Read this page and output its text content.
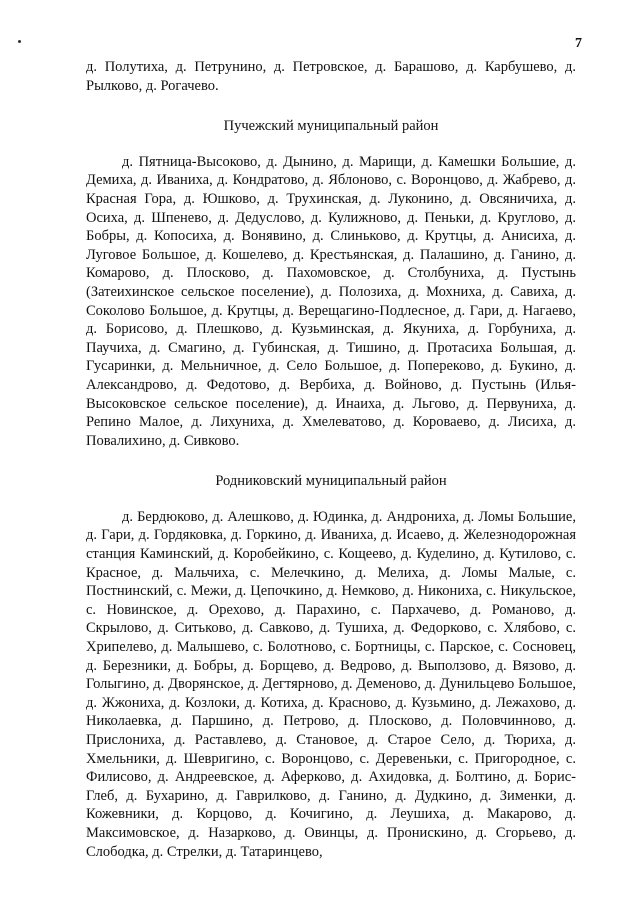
7

д. Полутиха, д. Петрунино, д. Петровское, д. Барашово, д. Карбушево, д. Рылково, д. Рогачево.

Пучежский муниципальный район

д. Пятница-Высоково, д. Дынино, д. Марищи, д. Камешки Большие, д. Демиха, д. Иваниха, д. Кондратово, д. Яблоново, с. Воронцово, д. Жабрево, д. Красная Гора, д. Юшково, д. Трухинская, д. Луконино, д. Овсяничиха, д. Осиха, д. Шпенево, д. Дедуслово, д. Кулижново, д. Пеньки, д. Круглово, д. Бобры, д. Копосиха, д. Вонявино, д. Слиньково, д. Крутцы, д. Анисиха, д. Луговое Большое, д. Кошелево, д. Крестьянская, д. Палашино, д. Ганино, д. Комарово, д. Плосково, д. Пахомовское, д. Столбуниха, д. Пустынь (Затеихинское сельское поселение), д. Полозиха, д. Мохниха, д. Савиха, д. Соколово Большое, д. Крутцы, д. Верещагино-Подлесное, д. Гари, д. Нагаево, д. Борисово, д. Плешково, д. Кузьминская, д. Якуниха, д. Горбуниха, д. Паучиха, д. Смагино, д. Губинская, д. Тишино, д. Протасиха Большая, д. Гусаринки, д. Мельничное, д. Село Большое, д. Поперековo, д. Букино, д. Александрово, д. Федотово, д. Вербиха, д. Войново, д. Пустынь (Илья-Высоковское сельское поселение), д. Инаиха, д. Льгово, д. Первуниха, д. Репино Малое, д. Лихуниха, д. Хмелеватово, д. Короваево, д. Лисиха, д. Повалихино, д. Сивково.

Родниковский муниципальный район

д. Бердюково, д. Алешково, д. Юдинка, д. Андрониха, д. Ломы Большие, д. Гари, д. Гордяковка, д. Горкино, д. Иваниха, д. Исаево, д. Железнодорожная станция Каминский, д. Коробейкино, с. Кощеево, д. Куделино, д. Кутилово, с. Красное, д. Мальчиха, с. Мелечкино, д. Мелиха, д. Ломы Малые, с. Постнинский, с. Межи, д. Цепочкино, д. Немково, д. Никониха, с. Никульское, с. Новинское, д. Орехово, д. Парахино, с. Пархачево, д. Романово, д. Скрылово, д. Ситьково, д. Савково, д. Тушиха, д. Федорково, с. Хлябово, с. Хрипелево, д. Малышево, с. Болотново, с. Бортницы, с. Парское, с. Сосновец, д. Березники, д. Бобры, д. Борщево, д. Ведрово, д. Выползово, д. Вязово, д. Голыгино, д. Дворянское, д. Дегтярново, д. Деменово, д. Дунильцево Большое, д. Жжониха, д. Козлоки, д. Котиха, д. Красново, д. Кузьмино, д. Лежахово, д. Николаевка, д. Паршино, д. Петрово, д. Плосково, д. Половчинново, д. Прислониха, д. Раставлево, д. Становое, д. Старое Село, д. Тюриха, д. Хмельники, д. Шевригино, с. Воронцово, с. Деревеньки, с. Пригородное, с. Филисово, д. Андреевское, д. Аферково, д. Ахидовка, д. Болтино, д. Борис-Глеб, д. Бухарино, д. Гаврилково, д. Ганино, д. Дудкино, д. Зименки, д. Кожевники, д. Корцово, д. Кочигино, д. Леушиха, д. Макарово, д. Максимовское, д. Назарково, д. Овинцы, д. Пронискино, д. Сгорьево, д. Слободка, д. Стрелки, д. Татаринцево,
